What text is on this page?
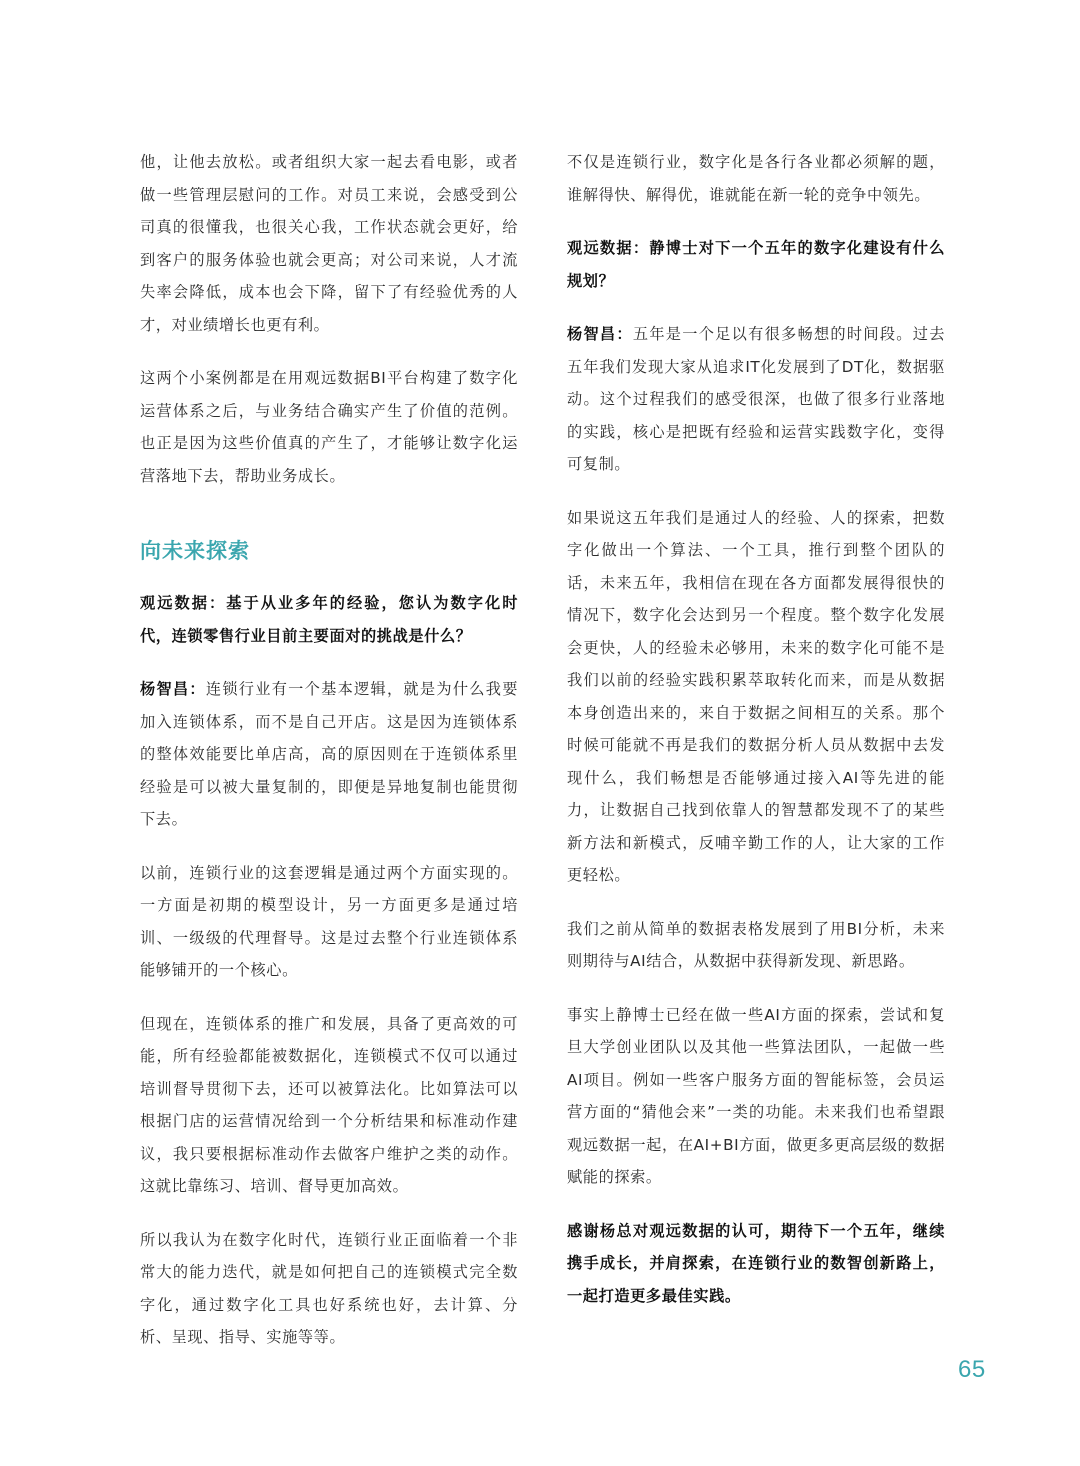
他，让他去放松。或者组织大家一起去看电影，或者做一些管理层慰问的工作。对员工来说，会感受到公司真的很懂我，也很关心我，工作状态就会更好，给到客户的服务体验也就会更高；对公司来说，人才流失率会降低，成本也会下降，留下了有经验优秀的人才，对业绩增长也更有利。

这两个小案例都是在用观远数据BI平台构建了数字化运营体系之后，与业务结合确实产生了价值的范例。也正是因为这些价值真的产生了，才能够让数字化运营落地下去，帮助业务成长。

向未来探索

观远数据：基于从业多年的经验，您认为数字化时代，连锁零售行业目前主要面对的挑战是什么？

杨智昌：连锁行业有一个基本逻辑，就是为什么我要加入连锁体系，而不是自己开店。这是因为连锁体系的整体效能要比单店高，高的原因则在于连锁体系里经验是可以被大量复制的，即便是异地复制也能贯彻下去。

以前，连锁行业的这套逻辑是通过两个方面实现的。一方面是初期的模型设计，另一方面更多是通过培训、一级级的代理督导。这是过去整个行业连锁体系能够铺开的一个核心。

但现在，连锁体系的推广和发展，具备了更高效的可能，所有经验都能被数据化，连锁模式不仅可以通过培训督导贯彻下去，还可以被算法化。比如算法可以根据门店的运营情况给到一个分析结果和标准动作建议，我只要根据标准动作去做客户维护之类的动作。这就比靠练习、培训、督导更加高效。

所以我认为在数字化时代，连锁行业正面临着一个非常大的能力迭代，就是如何把自己的连锁模式完全数字化，通过数字化工具也好系统也好，去计算、分析、呈现、指导、实施等等。

不仅是连锁行业，数字化是各行各业都必须解的题，谁解得快、解得优，谁就能在新一轮的竞争中领先。

观远数据：静博士对下一个五年的数字化建设有什么规划？

杨智昌：五年是一个足以有很多畅想的时间段。过去五年我们发现大家从追求IT化发展到了DT化，数据驱动。这个过程我们的感受很深，也做了很多行业落地的实践，核心是把既有经验和运营实践数字化，变得可复制。

如果说这五年我们是通过人的经验、人的探索，把数字化做出一个算法、一个工具，推行到整个团队的话，未来五年，我相信在现在各方面都发展得很快的情况下，数字化会达到另一个程度。整个数字化发展会更快，人的经验未必够用，未来的数字化可能不是我们以前的经验实践积累萃取转化而来，而是从数据本身创造出来的，来自于数据之间相互的关系。那个时候可能就不再是我们的数据分析人员从数据中去发现什么，我们畅想是否能够通过接入AI等先进的能力，让数据自己找到依靠人的智慧都发现不了的某些新方法和新模式，反哺辛勤工作的人，让大家的工作更轻松。

我们之前从简单的数据表格发展到了用BI分析，未来则期待与AI结合，从数据中获得新发现、新思路。

事实上静博士已经在做一些AI方面的探索，尝试和复旦大学创业团队以及其他一些算法团队，一起做一些AI项目。例如一些客户服务方面的智能标签，会员运营方面的“猜他会来”一类的功能。未来我们也希望跟观远数据一起，在AI+BI方面，做更多更高层级的数据赋能的探索。

感谢杨总对观远数据的认可，期待下一个五年，继续携手成长，并肩探索，在连锁行业的数智创新路上，一起打造更多最佳实践。

65
